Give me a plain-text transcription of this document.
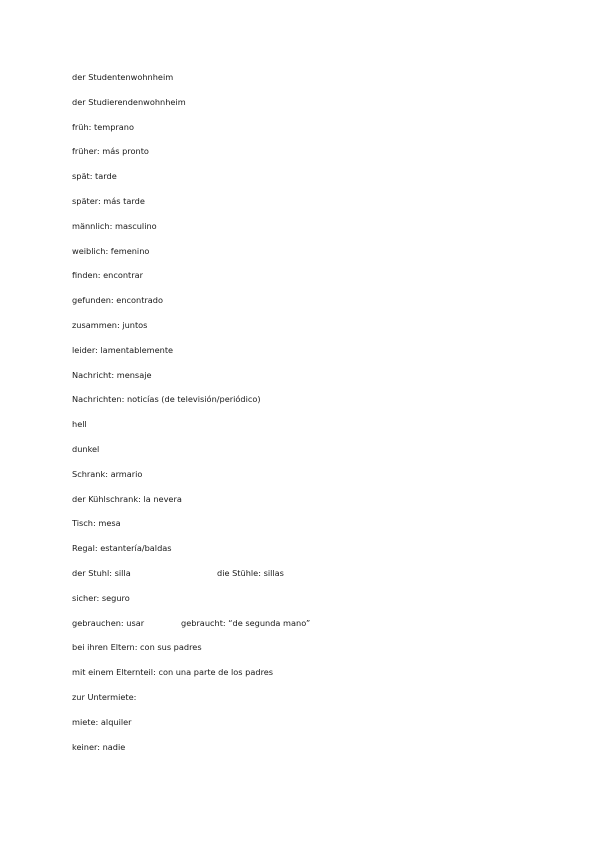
der Studentenwohnheim
der Studierendenwohnheim
früh: temprano
früher: más pronto
spät: tarde
später: más tarde
männlich: masculino
weiblich: femenino
finden: encontrar
gefunden: encontrado
zusammen: juntos
leider: lamentablemente
Nachricht: mensaje
Nachrichten: noticías (de televisión/periódico)
hell
dunkel
Schrank: armario
der Kühlschrank: la nevera
Tisch: mesa
Regal: estantería/baldas
der Stuhl: silla	die Stühle: sillas
sicher: seguro
gebrauchen: usar	gebraucht: “de segunda mano”
bei ihren Eltern: con sus padres
mit einem Elternteil: con una parte de los padres
zur Untermiete:
miete: alquiler
keiner: nadie
